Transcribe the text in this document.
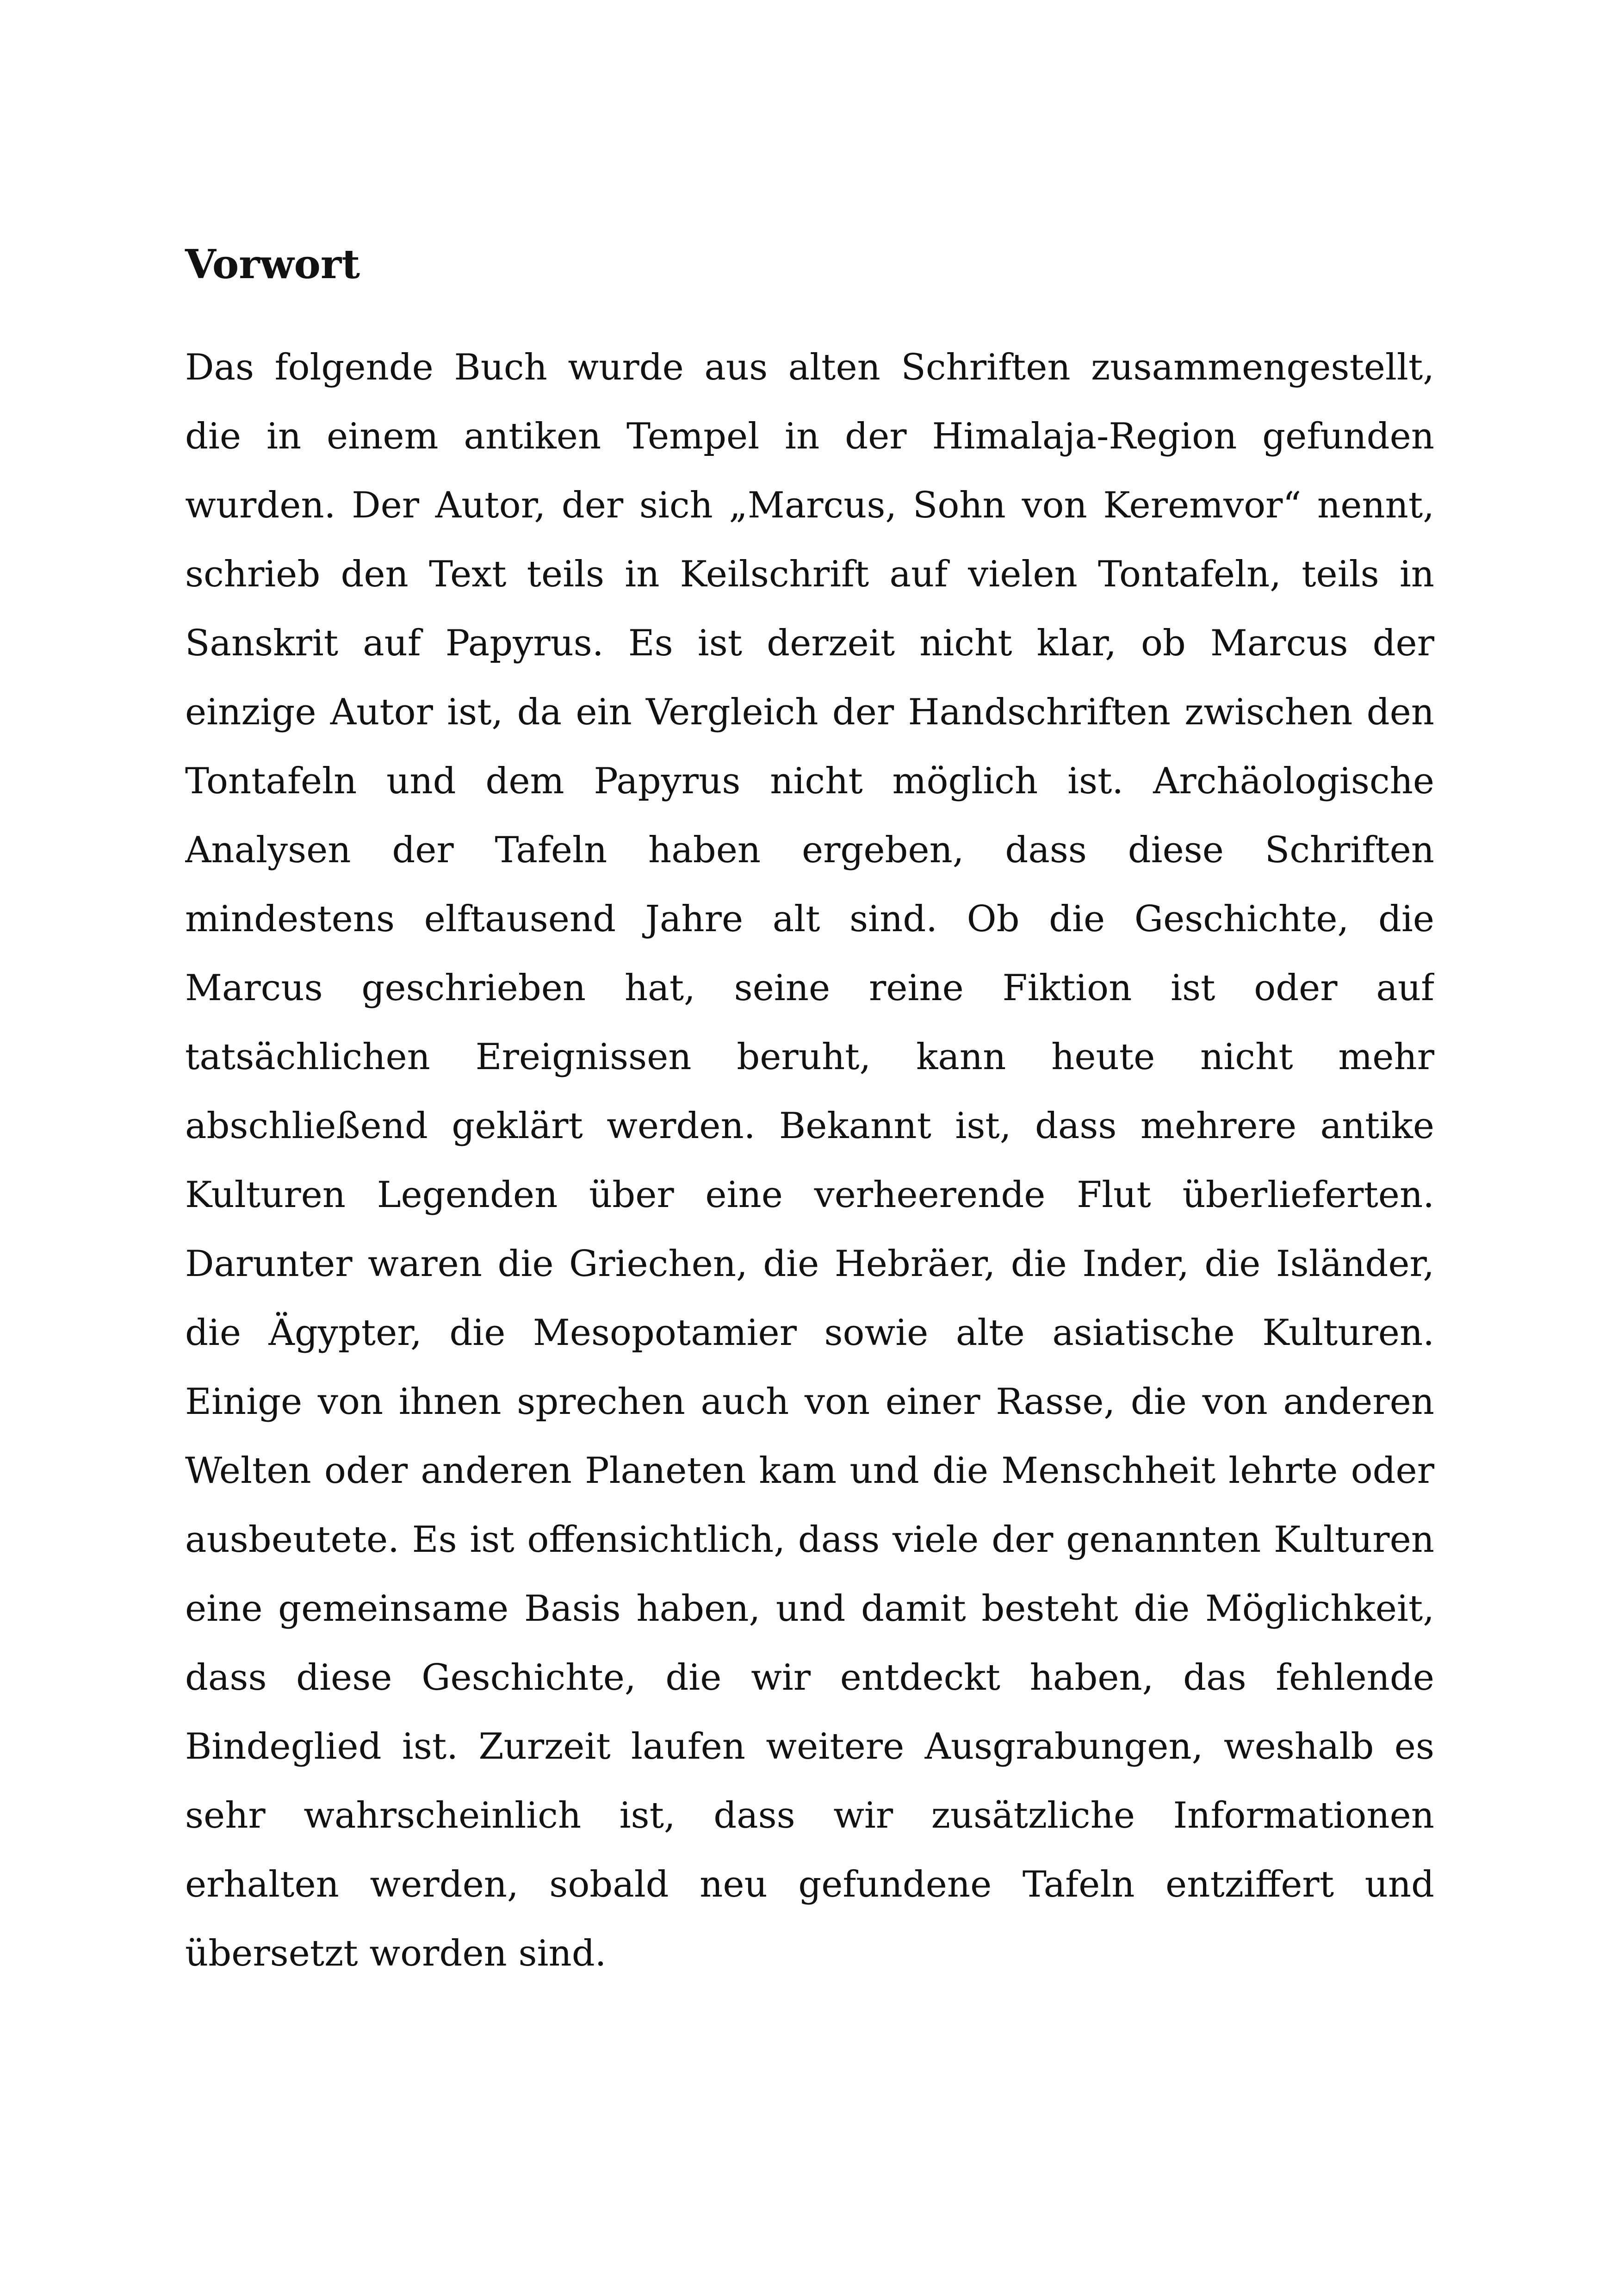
Vorwort
Das folgende Buch wurde aus alten Schriften zusammengestellt,
die in einem antiken Tempel in der Himalaja-Region gefunden
wurden. Der Autor, der sich „Marcus, Sohn von Keremvor“ nennt,
schrieb den Text teils in Keilschrift auf vielen Tontafeln, teils in
Sanskrit auf Papyrus. Es ist derzeit nicht klar, ob Marcus der
einzige Autor ist, da ein Vergleich der Handschriften zwischen den
Tontafeln und dem Papyrus nicht möglich ist. Archäologische
Analysen der Tafeln haben ergeben, dass diese Schriften
mindestens elftausend Jahre alt sind. Ob die Geschichte, die
Marcus geschrieben hat, seine reine Fiktion ist oder auf
tatsächlichen Ereignissen beruht, kann heute nicht mehr
abschließend geklärt werden. Bekannt ist, dass mehrere antike
Kulturen Legenden über eine verheerende Flut überlieferten.
Darunter waren die Griechen, die Hebräer, die Inder, die Isländer,
die Ägypter, die Mesopotamier sowie alte asiatische Kulturen.
Einige von ihnen sprechen auch von einer Rasse, die von anderen
Welten oder anderen Planeten kam und die Menschheit lehrte oder
ausbeutete. Es ist offensichtlich, dass viele der genannten Kulturen
eine gemeinsame Basis haben, und damit besteht die Möglichkeit,
dass diese Geschichte, die wir entdeckt haben, das fehlende
Bindeglied ist. Zurzeit laufen weitere Ausgrabungen, weshalb es
sehr wahrscheinlich ist, dass wir zusätzliche Informationen
erhalten werden, sobald neu gefundene Tafeln entziffert und
übersetzt worden sind.
